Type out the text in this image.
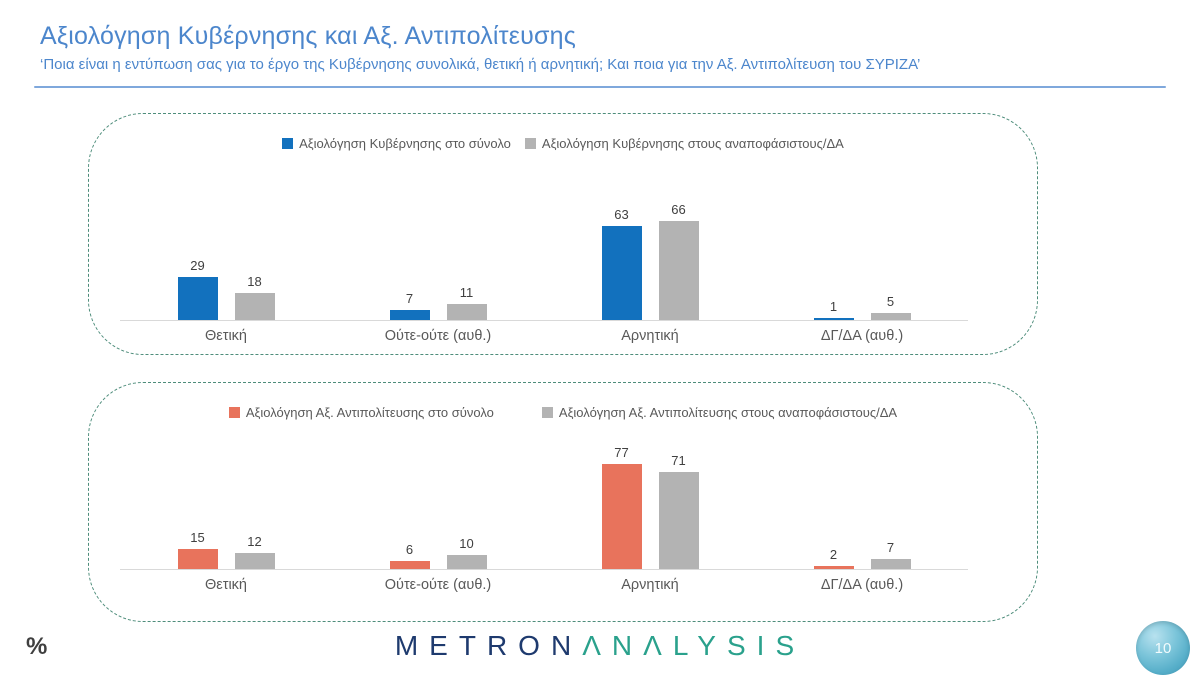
Αξιολόγηση Κυβέρνησης και Αξ. Αντιπολίτευσης
‘Ποια είναι η εντύπωση σας για το έργο της Κυβέρνησης συνολικά, θετική ή αρνητική; Και ποια για την Αξ. Αντιπολίτευση του ΣΥΡΙΖΑ’
Αξιολόγηση Κυβέρνησης στο σύνολο Αξιολόγηση Κυβέρνησης στους αναποφάσιστους/ΔΑ
29
18
7	11
63	66
1	5
Θετική	Ούτε-ούτε (αυθ.)	Αρνητική	ΔΓ/ΔΑ (αυθ.)
Αξιολόγηση Αξ. Αντιπολίτευσης στο σύνολο	Αξιολόγηση Αξ. Αντιπολίτευσης στους αναποφάσιστους/ΔΑ
15	12
6	10
77
71
2	7
Θετική	Ούτε-ούτε (αυθ.)	Αρνητική	ΔΓ/ΔΑ (αυθ.)
%	METRONΛNΛLYSIS	10
